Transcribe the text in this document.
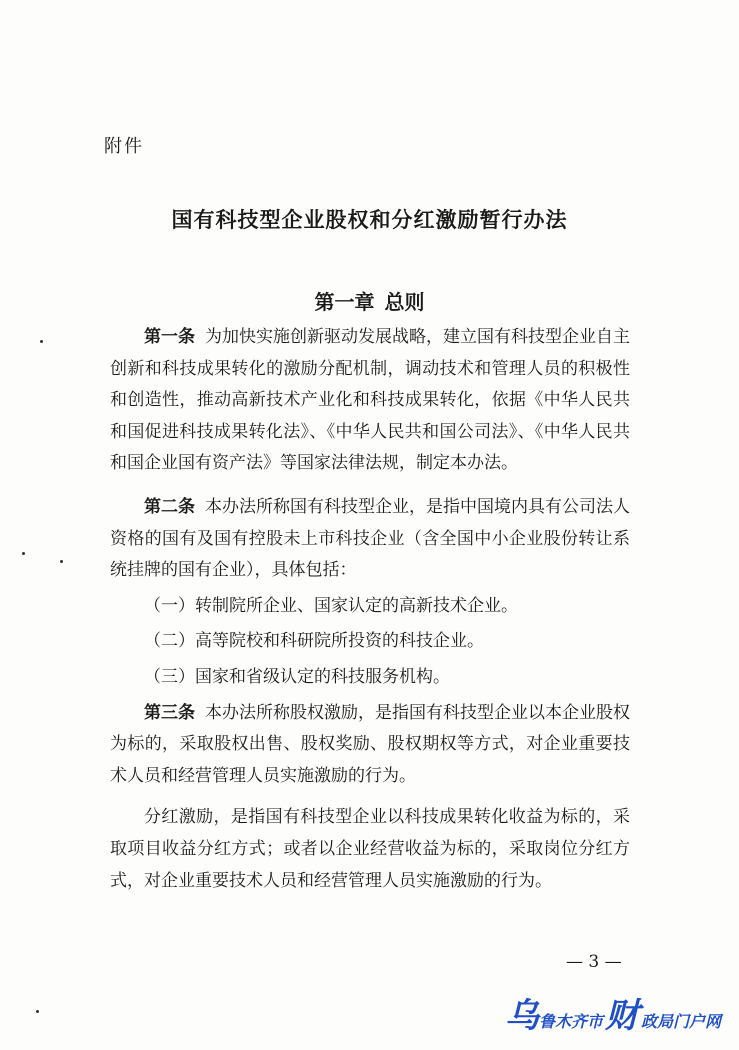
附件
国有科技型企业股权和分红激励暂行办法
第一章 总则

第一条 为加快实施创新驱动发展战略，建立国有科技型企业自主创新和科技成果转化的激励分配机制，调动技术和管理人员的积极性和创造性，推动高新技术产业化和科技成果转化，依据《中华人民共和国促进科技成果转化法》、《中华人民共和国公司法》、《中华人民共和国企业国有资产法》等国家法律法规，制定本办法。

第二条 本办法所称国有科技型企业，是指中国境内具有公司法人资格的国有及国有控股未上市科技企业（含全国中小企业股份转让系统挂牌的国有企业），具体包括：

（一）转制院所企业、国家认定的高新技术企业。

（二）高等院校和科研院所投资的科技企业。

（三）国家和省级认定的科技服务机构。

第三条 本办法所称股权激励，是指国有科技型企业以本企业股权为标的，采取股权出售、股权奖励、股权期权等方式，对企业重要技术人员和经营管理人员实施激励的行为。

分红激励，是指国有科技型企业以科技成果转化收益为标的，采取项目收益分红方式；或者以企业经营收益为标的，采取岗位分红方式，对企业重要技术人员和经营管理人员实施激励的行为。

— 3 —
乌 鲁木齐市 财 政局门户网
